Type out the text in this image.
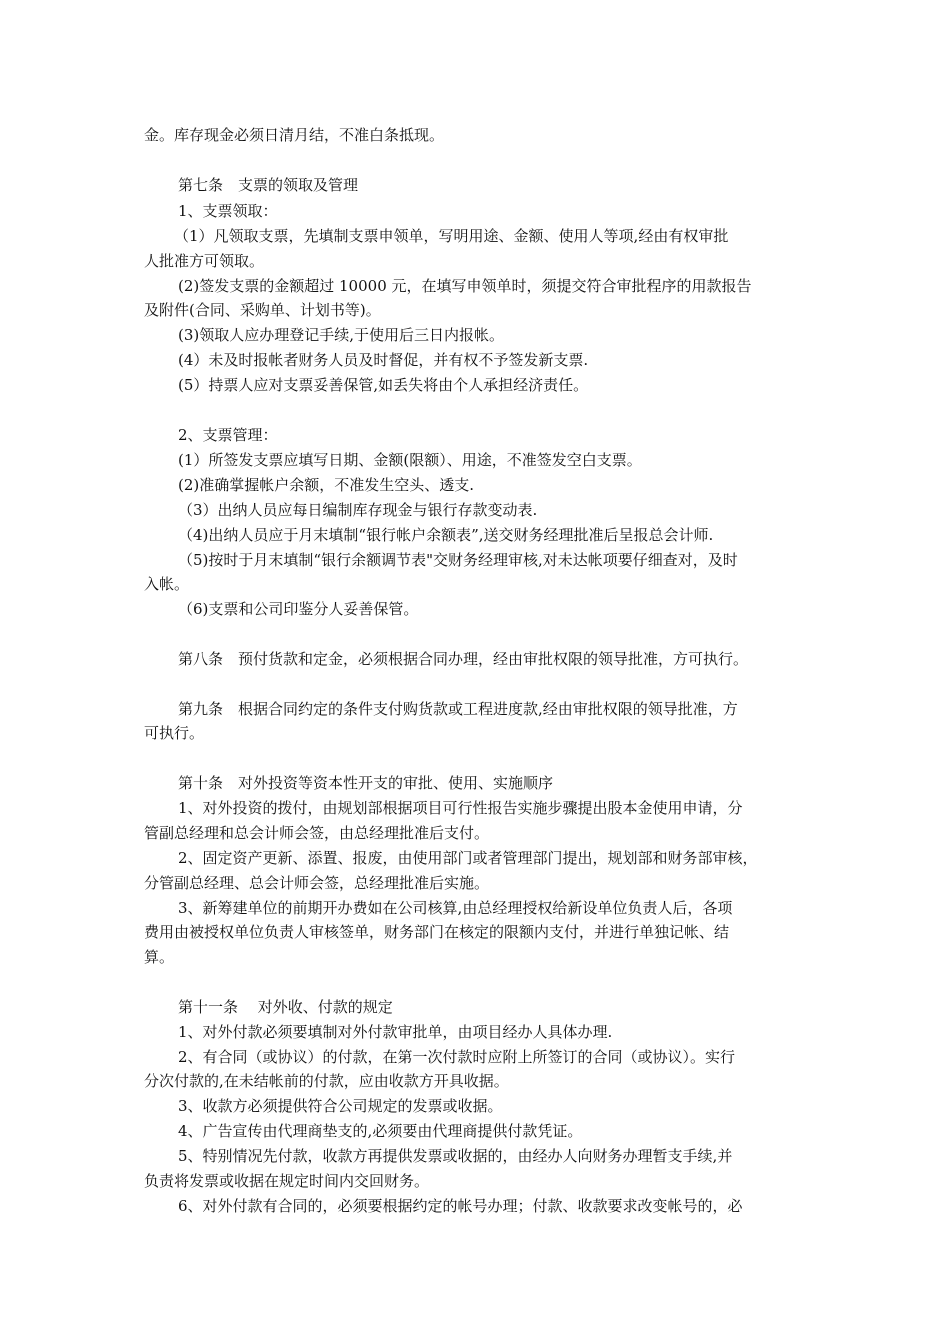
金。库存现金必须日清月结，不准白条抵现。
第七条　支票的领取及管理
1、支票领取：
（1）凡领取支票，先填制支票申领单，写明用途、金额、使用人等项,经由有权审批
人批准方可领取。
(2)签发支票的金额超过 10000 元，在填写申领单时，须提交符合审批程序的用款报告
及附件(合同、采购单、计划书等)。
(3)领取人应办理登记手续,于使用后三日内报帐。
(4）未及时报帐者财务人员及时督促，并有权不予签发新支票.
(5）持票人应对支票妥善保管,如丢失将由个人承担经济责任。
2、支票管理：
(1）所签发支票应填写日期、金额(限额）、用途，不准签发空白支票。
(2)准确掌握帐户余额，不准发生空头、透支.
（3）出纳人员应每日编制库存现金与银行存款变动表.
（4)出纳人员应于月末填制“银行帐户余额表”,送交财务经理批准后呈报总会计师.
（5)按时于月末填制“银行余额调节表"交财务经理审核,对未达帐项要仔细查对，及时
入帐。
（6)支票和公司印鉴分人妥善保管。
第八条　预付货款和定金，必须根据合同办理，经由审批权限的领导批准，方可执行。
第九条　根据合同约定的条件支付购货款或工程进度款,经由审批权限的领导批准，方
可执行。
第十条　对外投资等资本性开支的审批、使用、实施顺序
1、对外投资的拨付，由规划部根据项目可行性报告实施步骤提出股本金使用申请，分
管副总经理和总会计师会签，由总经理批准后支付。
2、固定资产更新、添置、报废，由使用部门或者管理部门提出，规划部和财务部审核，
分管副总经理、总会计师会签，总经理批准后实施。
3、新筹建单位的前期开办费如在公司核算,由总经理授权给新设单位负责人后，各项
费用由被授权单位负责人审核签单，财务部门在核定的限额内支付，并进行单独记帐、结
算。
第十一条　 对外收、付款的规定
1、对外付款必须要填制对外付款审批单，由项目经办人具体办理.
2、有合同（或协议）的付款，在第一次付款时应附上所签订的合同（或协议）。实行
分次付款的,在未结帐前的付款，应由收款方开具收据。
3、收款方必须提供符合公司规定的发票或收据。
4、广告宣传由代理商垫支的,必须要由代理商提供付款凭证。
5、特别情况先付款，收款方再提供发票或收据的，由经办人向财务办理暂支手续,并
负责将发票或收据在规定时间内交回财务。
6、对外付款有合同的，必须要根据约定的帐号办理；付款、收款要求改变帐号的，必
